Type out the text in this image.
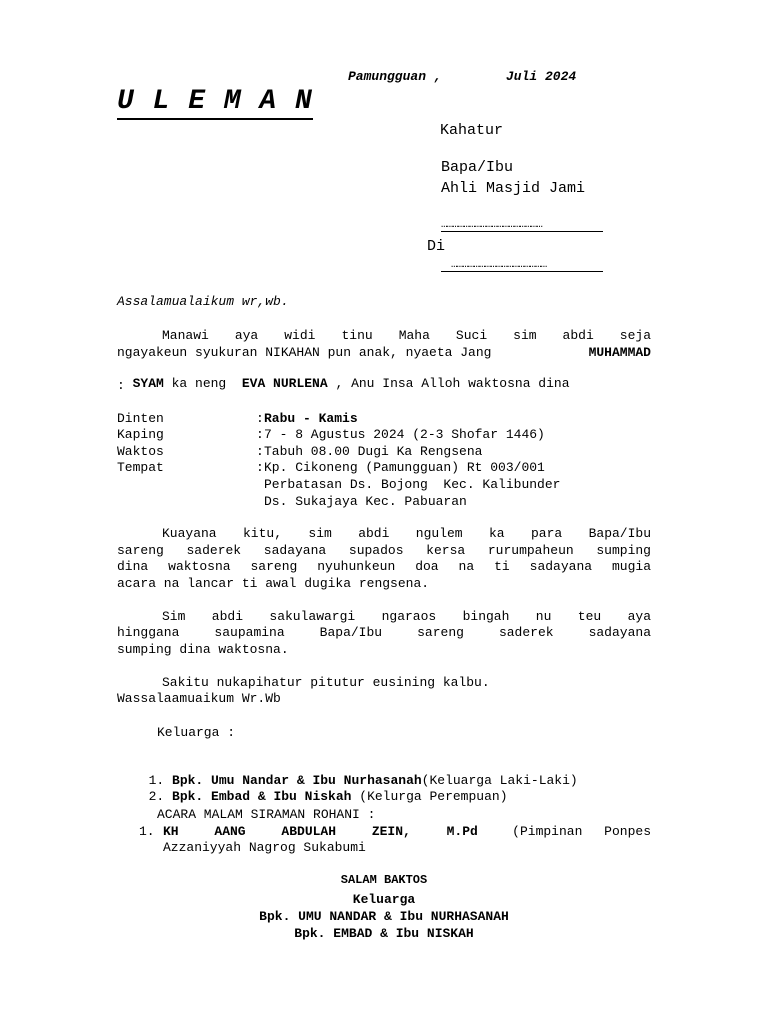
Pamungguan ,	Juli 2024
U L E M A N
Kahatur
Bapa/Ibu
Ahli Masjid Jami
………………………………………………
Di
……………………………………………
Assalamualaikum wr,wb.
Manawi aya widi tinu Maha Suci sim abdi seja
ngayakeun syukuran NIKAHAN pun anak, nyaeta Jang	MUHAMMAD

SYAM ka neng  EVA NURLENA , Anu Insa Alloh waktosna dina

:
Dinten	: Rabu - Kamis
Kaping	: 7 - 8 Agustus 2024 (2-3 Shofar 1446)
Waktos	: Tabuh 08.00 Dugi Ka Rengsena
Tempat	: Kp. Cikoneng (Pamungguan) Rt 003/001
Perbatasan Ds. Bojong  Kec. Kalibunder
Ds. Sukajaya Kec. Pabuaran
Kuayana kitu, sim abdi ngulem ka para Bapa/Ibu
sareng saderek sadayana supados kersa rurumpaheun sumping
dina waktosna sareng nyuhunkeun doa na ti sadayana mugia
acara na lancar ti awal dugika rengsena.
Sim abdi sakulawargi ngaraos bingah nu teu aya
hinggana saupamina Bapa/Ibu sareng saderek sadayana
sumping dina waktosna.
Sakitu nukapihatur pitutur eusining kalbu.
Wassalaamuaikum Wr.Wb
Keluarga :

1. Bpk. Umu Nandar & Ibu Nurhasanah(Keluarga Laki-Laki)

2. Bpk. Embad & Ibu Niskah (Kelurga Perempuan)

ACARA MALAM SIRAMAN ROHANI :
1. KH AANG ABDULAH ZEIN, M.Pd	(Pimpinan Ponpes
Azzaniyyah Nagrog Sukabumi
SALAM BAKTOS
Keluarga
Bpk. UMU NANDAR & Ibu NURHASANAH
Bpk. EMBAD & Ibu NISKAH
